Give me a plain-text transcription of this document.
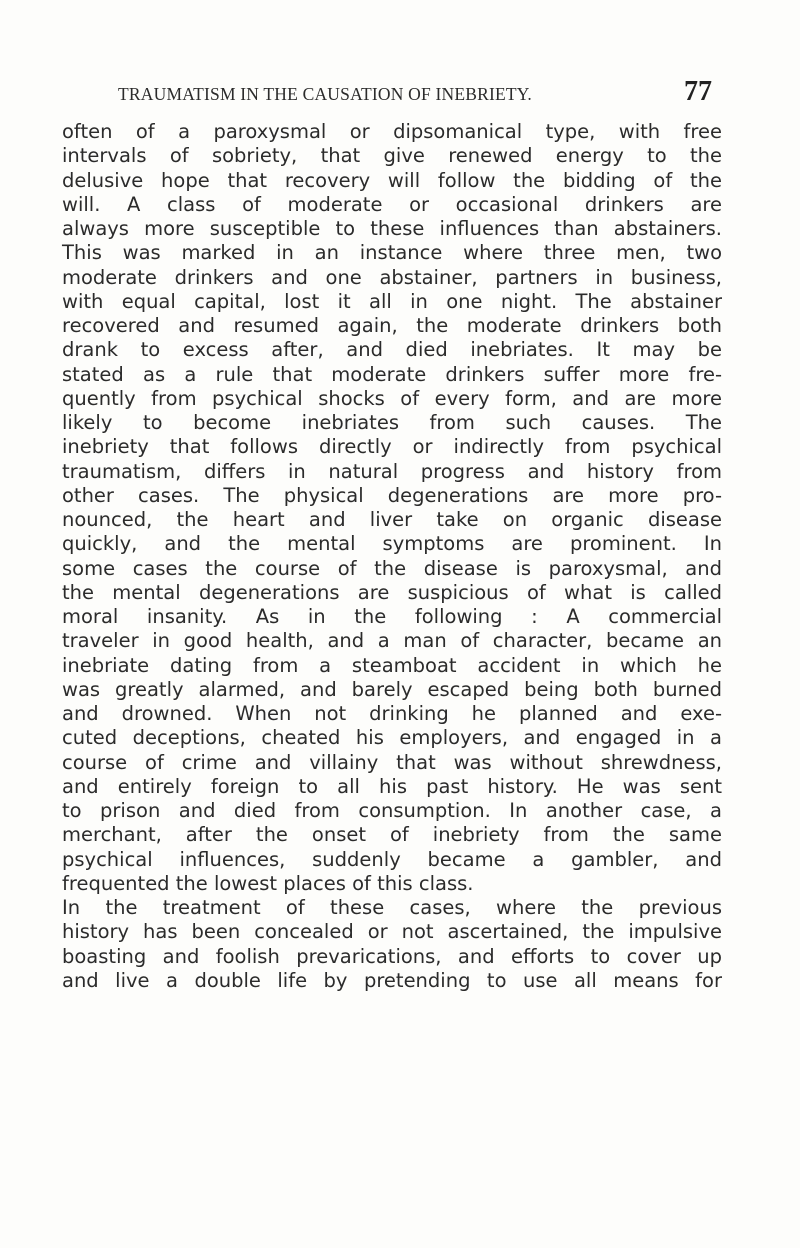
TRAUMATISM IN THE CAUSATION OF INEBRIETY.	77
often of a paroxysmal or dipsomanical type, with free
intervals of sobriety, that give renewed energy to the
delusive hope that recovery will follow the bidding of the
will. A class of moderate or occasional drinkers are
always more susceptible to these influences than abstainers.
This was marked in an instance where three men, two
moderate drinkers and one abstainer, partners in business,
with equal capital, lost it all in one night. The abstainer
recovered and resumed again, the moderate drinkers both
drank to excess after, and died inebriates. It may be
stated as a rule that moderate drinkers suffer more fre-
quently from psychical shocks of every form, and are more
likely to become inebriates from such causes. The
inebriety that follows directly or indirectly from psychical
traumatism, differs in natural progress and history from
other cases. The physical degenerations are more pro-
nounced, the heart and liver take on organic disease
quickly, and the mental symptoms are prominent. In
some cases the course of the disease is paroxysmal, and
the mental degenerations are suspicious of what is called
moral insanity. As in the following : A commercial
traveler in good health, and a man of character, became an
inebriate dating from a steamboat accident in which he
was greatly alarmed, and barely escaped being both burned
and drowned. When not drinking he planned and exe-
cuted deceptions, cheated his employers, and engaged in a
course of crime and villainy that was without shrewdness,
and entirely foreign to all his past history. He was sent
to prison and died from consumption. In another case, a
merchant, after the onset of inebriety from the same
psychical influences, suddenly became a gambler, and
frequented the lowest places of this class.
In the treatment of these cases, where the previous
history has been concealed or not ascertained, the impulsive
boasting and foolish prevarications, and efforts to cover up
and live a double life by pretending to use all means for
